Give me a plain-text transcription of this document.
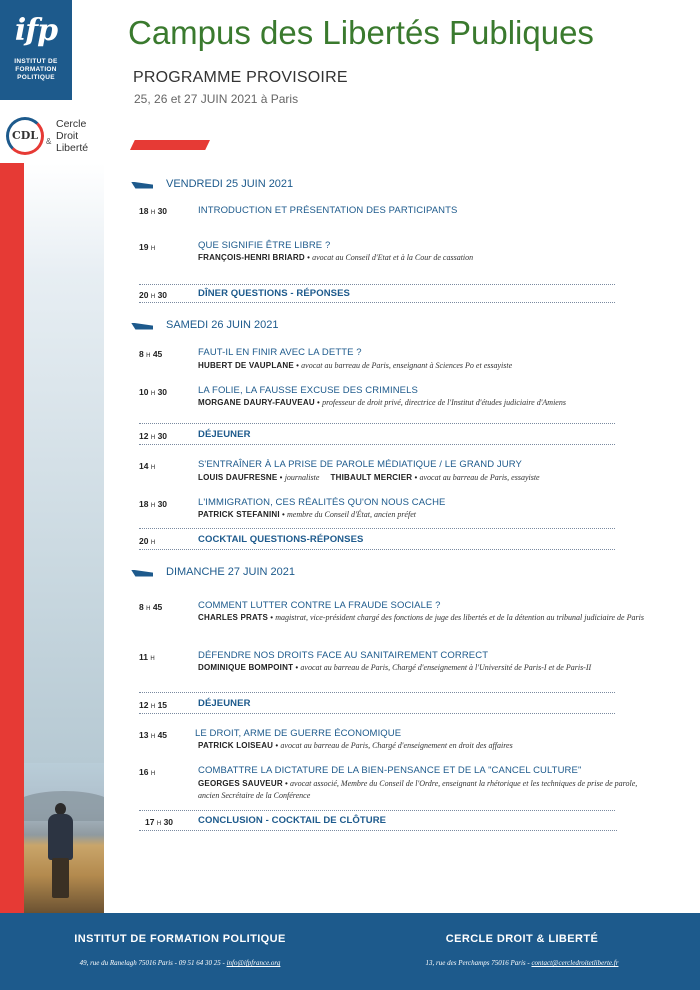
ifp
INSTITUT DE
FORMATION
POLITIQUE
CDL &
Cercle
Droit
Liberté
Campus des Libertés Publiques
PROGRAMME PROVISOIRE
25, 26 et 27 JUIN 2021 à Paris
VENDREDI 25 JUIN 2021
18 H 30	INTRODUCTION ET PRÉSENTATION DES PARTICIPANTS
19 H	QUE SIGNIFIE ÊTRE LIBRE ?
FRANÇOIS-HENRI BRIARD • avocat au Conseil d'Etat et à la Cour de cassation
20 H 30	DÎNER QUESTIONS - RÉPONSES
SAMEDI 26 JUIN 2021
8 H 45	FAUT-IL EN FINIR AVEC LA DETTE ?
HUBERT DE VAUPLANE • avocat au barreau de Paris, enseignant à Sciences Po et essayiste
10 H 30	LA FOLIE, LA FAUSSE EXCUSE DES CRIMINELS
MORGANE DAURY-FAUVEAU • professeur de droit privé, directrice de l'Institut d'études judiciaire d'Amiens
12 H 30	DÉJEUNER
14 H	S'ENTRAÎNER À LA PRISE DE PAROLE MÉDIATIQUE / LE GRAND JURY
LOUIS DAUFRESNE • journaliste THIBAULT MERCIER • avocat au barreau de Paris, essayiste
18 H 30	L'IMMIGRATION, CES RÉALITÉS QU'ON NOUS CACHE
PATRICK STEFANINI • membre du Conseil d'État, ancien préfet
20 H	COCKTAIL QUESTIONS-RÉPONSES
DIMANCHE 27 JUIN 2021
8 H 45	COMMENT LUTTER CONTRE LA FRAUDE SOCIALE ?
CHARLES PRATS • magistrat, vice-président chargé des fonctions de juge des libertés et de la détention au tribunal judiciaire de Paris
11 H	DÉFENDRE NOS DROITS FACE AU SANITAIREMENT CORRECT
DOMINIQUE BOMPOINT • avocat au barreau de Paris, Chargé d'enseignement à l'Université de Paris-I et de Paris-II
12 H 15	DÉJEUNER
13 H 45	LE DROIT, ARME DE GUERRE ÉCONOMIQUE
PATRICK LOISEAU • avocat au barreau de Paris, Chargé d'enseignement en droit des affaires
16 H	COMBATTRE LA DICTATURE DE LA BIEN-PENSANCE ET DE LA "CANCEL CULTURE"
GEORGES SAUVEUR • avocat associé, Membre du Conseil de l'Ordre, enseignant la rhétorique et les techniques de prise de parole, ancien Secrétaire de la Conférence
17 H 30	CONCLUSION - COCKTAIL DE CLÔTURE
INSTITUT DE FORMATION POLITIQUE
49, rue du Ranelagh 75016 Paris - 09 51 64 30 25 - info@ifpfrance.org
CERCLE DROIT & LIBERTÉ
13, rue des Perchamps 75016 Paris - contact@cercledroitetliberte.fr
